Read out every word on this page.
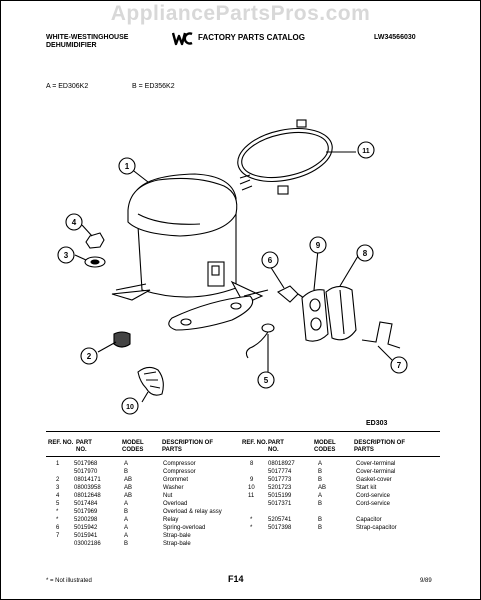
AppliancePartsPros.com
WHITE-WESTINGHOUSE
DEHUMIDIFIER
FACTORY PARTS CATALOG	LW34566030
A = ED306K2	B = ED356K2
1
2
3
4
5
6
7
8
9
10
11
ED303
REF. NO. PART NO.
MODEL CODES
DESCRIPTION OF PARTS
REF. NO. PART NO.
MODEL CODES
DESCRIPTION OF PARTS
1 5017968	A	Compressor
5017970	B	Compressor
2 08014171	AB	Grommet
3 08003958	AB	Washer
4 08012648	AB	Nut
5 5017484	A	Overload
*	5017969	B	Overload & relay assy
*	5200298	A	Relay
6 5015942	A	Spring-overload
7 5015941	A	Strap-bale
03002186	B	Strap-bale
8 08018927	A	Cover-terminal
5017774	B	Cover-terminal
9 5017773	B	Gasket-cover
10 5201723	AB	Start kit
11 5015199	A	Cord-service
5017371	B	Cord-service
*	5205741	B	Capacitor
*	5017398	B	Strap-capacitor
* = Not illustrated	F14	9/89
